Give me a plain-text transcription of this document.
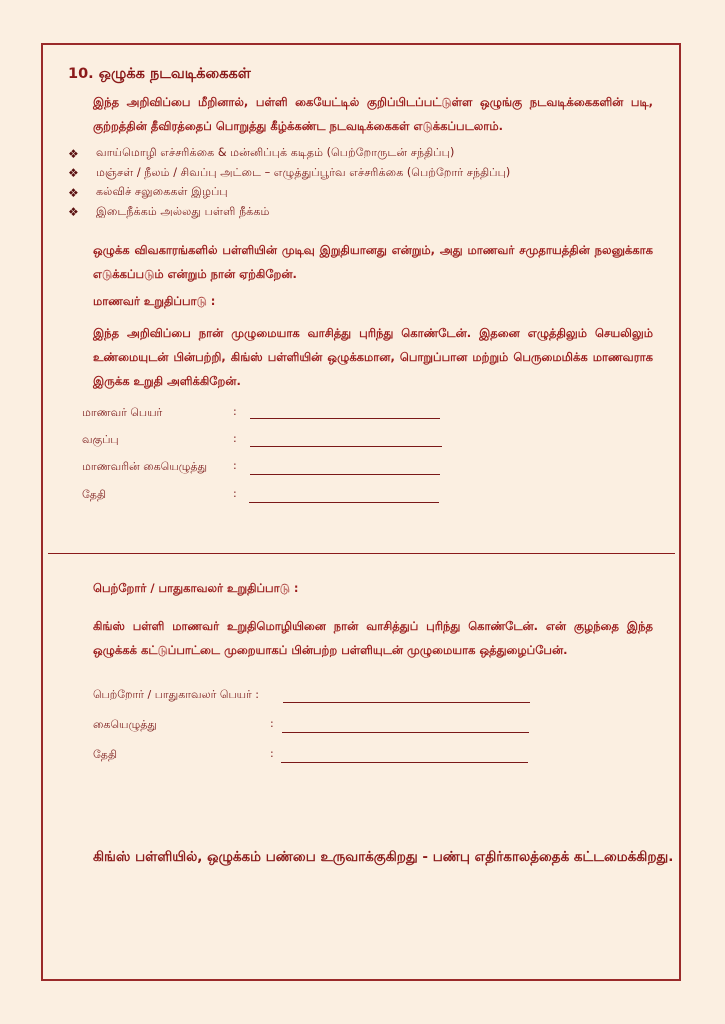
10. ஒழுக்க நடவடிக்கைகள்

இந்த அறிவிப்பை மீறினால், பள்ளி கையேட்டில் குறிப்பிடப்பட்டுள்ள ஒழுங்கு நடவடிக்கைகளின் படி, குற்றத்தின் தீவிரத்தைப் பொறுத்து கீழ்க்கண்ட நடவடிக்கைகள் எடுக்கப்படலாம்.

❖	வாய்மொழி எச்சரிக்கை & மன்னிப்புக் கடிதம் (பெற்றோருடன் சந்திப்பு)
❖	மஞ்சள் / நீலம் / சிவப்பு அட்டை – எழுத்துப்பூர்வ எச்சரிக்கை (பெற்றோர் சந்திப்பு)
❖	கல்விச் சலுகைகள் இழப்பு
❖	இடைநீக்கம் அல்லது பள்ளி நீக்கம்

ஒழுக்க விவகாரங்களில் பள்ளியின் முடிவு இறுதியானது என்றும், அது மாணவர் சமுதாயத்தின் நலனுக்காக எடுக்கப்படும் என்றும் நான் ஏற்கிறேன்.

மாணவர் உறுதிப்பாடு :

இந்த அறிவிப்பை நான் முழுமையாக வாசித்து புரிந்து கொண்டேன். இதனை எழுத்திலும் செயலிலும் உண்மையுடன் பின்பற்றி, கிங்ஸ் பள்ளியின் ஒழுக்கமான, பொறுப்பான மற்றும் பெருமைமிக்க மாணவராக இருக்க உறுதி அளிக்கிறேன்.

மாணவர் பெயர்	:
வகுப்பு	:
மாணவரின் கையெழுத்து :
தேதி	:
பெற்றோர் / பாதுகாவலர் உறுதிப்பாடு :

கிங்ஸ் பள்ளி மாணவர் உறுதிமொழியினை நான் வாசித்துப் புரிந்து கொண்டேன். என் குழந்தை இந்த ஒழுக்கக் கட்டுப்பாட்டை முறையாகப் பின்பற்ற பள்ளியுடன் முழுமையாக ஒத்துழைப்பேன்.

பெற்றோர் / பாதுகாவலர் பெயர் :
கையெழுத்து	:
தேதி	:
கிங்ஸ் பள்ளியில், ஒழுக்கம் பண்பை உருவாக்குகிறது - பண்பு எதிர்காலத்தைக் கட்டமைக்கிறது.
